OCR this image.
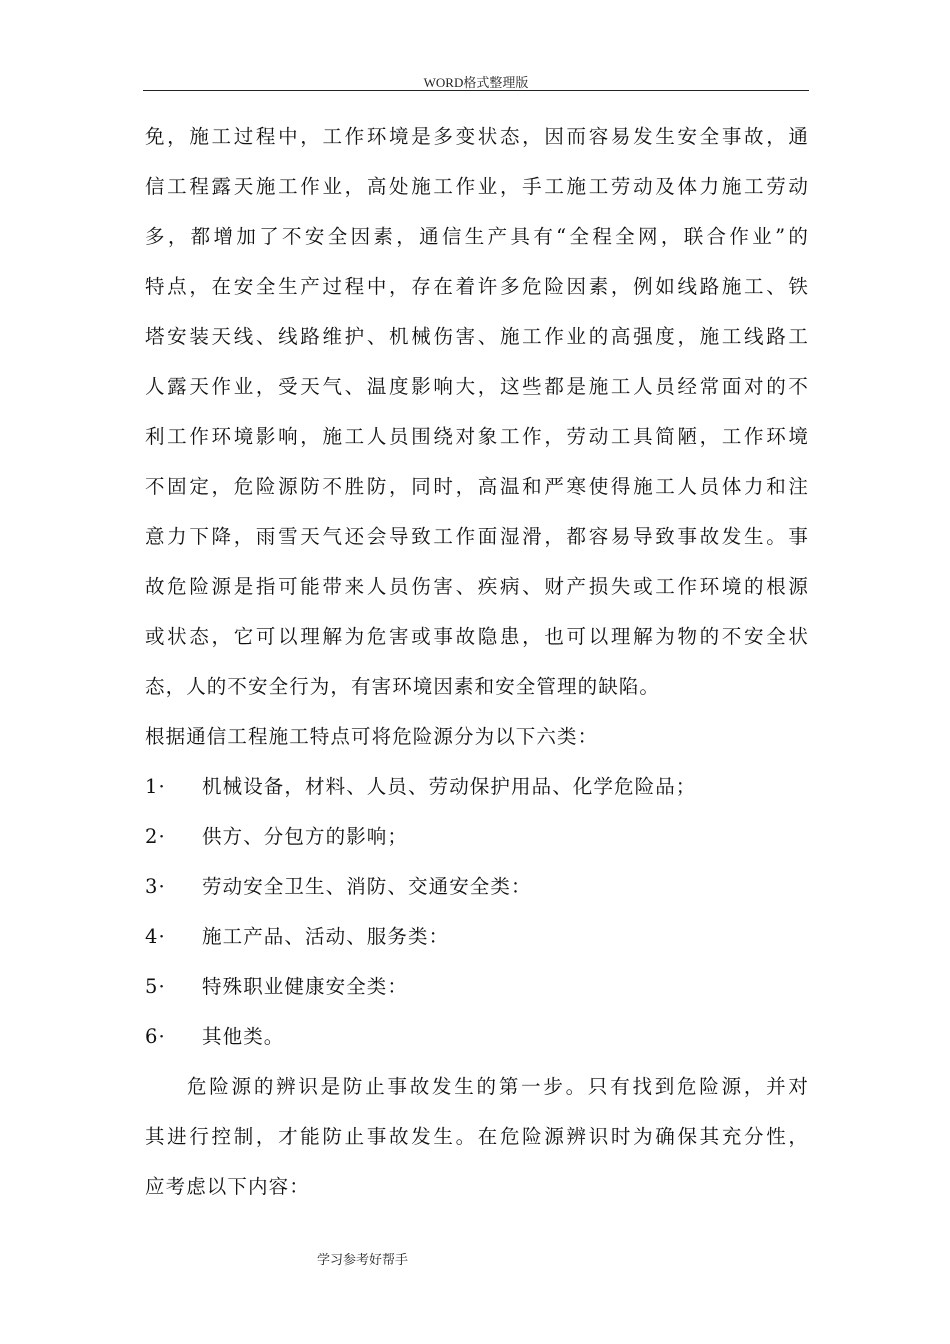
WORD格式整理版
免，施工过程中，工作环境是多变状态，因而容易发生安全事故，通
信工程露天施工作业，高处施工作业，手工施工劳动及体力施工劳动
多，都增加了不安全因素，通信生产具有“全程全网，联合作业”的
特点，在安全生产过程中，存在着许多危险因素，例如线路施工、铁
塔安装天线、线路维护、机械伤害、施工作业的高强度，施工线路工
人露天作业，受天气、温度影响大，这些都是施工人员经常面对的不
利工作环境影响，施工人员围绕对象工作，劳动工具简陋，工作环境
不固定，危险源防不胜防，同时，高温和严寒使得施工人员体力和注
意力下降，雨雪天气还会导致工作面湿滑，都容易导致事故发生。事
故危险源是指可能带来人员伤害、疾病、财产损失或工作环境的根源
或状态，它可以理解为危害或事故隐患，也可以理解为物的不安全状
态，人的不安全行为，有害环境因素和安全管理的缺陷。
根据通信工程施工特点可将危险源分为以下六类：
1· 机械设备，材料、人员、劳动保护用品、化学危险品；
2· 供方、分包方的影响；
3· 劳动安全卫生、消防、交通安全类：
4· 施工产品、活动、服务类：
5· 特殊职业健康安全类：
6· 其他类。
危险源的辨识是防止事故发生的第一步。只有找到危险源，并对
其进行控制，才能防止事故发生。在危险源辨识时为确保其充分性，
应考虑以下内容：
学习参考好帮手
